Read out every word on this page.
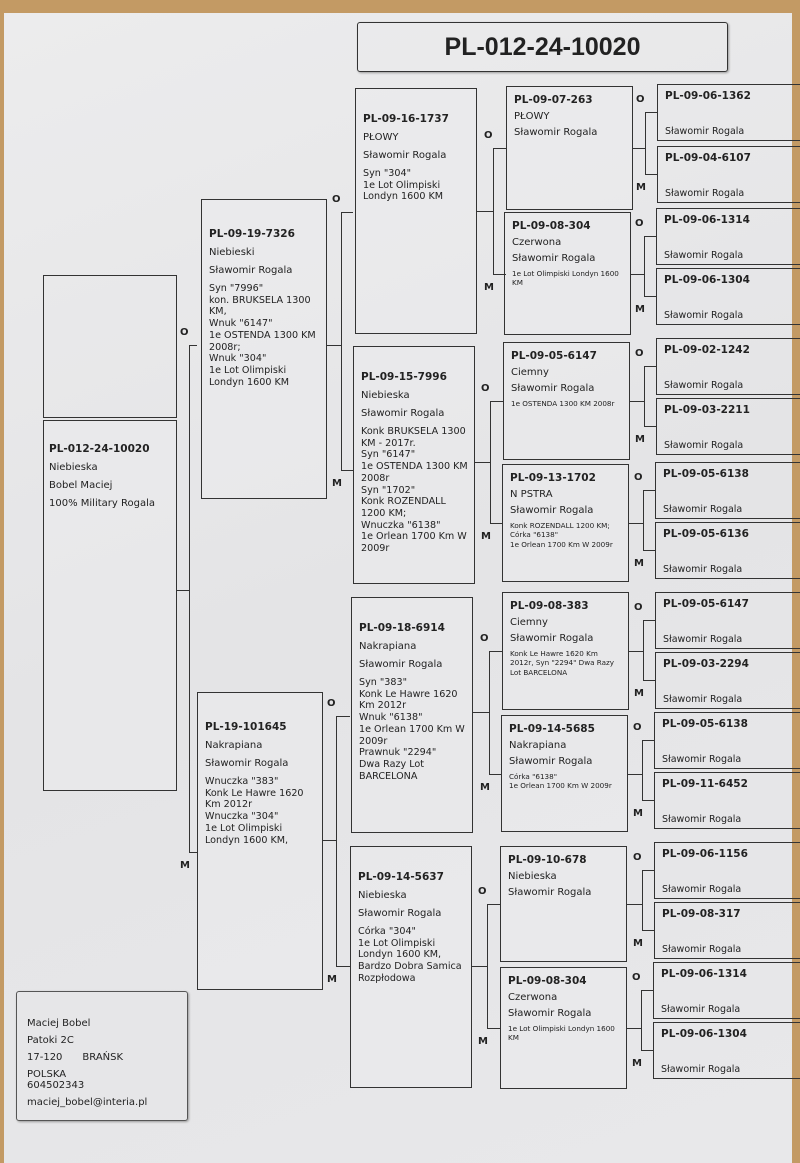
PL-012-24-10020
PL-012-24-10020
Niebieska
Bobel Maciej
100% Military Rogala
PL-09-19-7326
Niebieski
Sławomir Rogala
Syn "7996"
kon. BRUKSELA 1300 KM,
Wnuk "6147"
1e OSTENDA 1300 KM 2008r;
Wnuk "304"
1e Lot Olimpiski Londyn 1600 KM
PL-19-101645
Nakrapiana
Sławomir Rogala
Wnuczka "383"
Konk Le Hawre 1620 Km 2012r
Wnuczka "304"
1e Lot Olimpiski Londyn 1600 KM,
O
M
PL-09-16-1737
PŁOWY
Sławomir Rogala
Syn "304"
1e Lot Olimpiski Londyn 1600 KM
PL-09-15-7996
Niebieska
Sławomir Rogala
Konk BRUKSELA 1300 KM - 2017r.
Syn "6147"
1e OSTENDA 1300 KM 2008r
Syn "1702"
Konk ROZENDALL 1200 KM;
Wnuczka "6138"
1e Orlean 1700 Km W 2009r
PL-09-18-6914
Nakrapiana
Sławomir Rogala
Syn "383"
Konk Le Hawre 1620 Km 2012r
Wnuk "6138"
1e Orlean 1700 Km W 2009r
Prawnuk "2294"
Dwa Razy Lot BARCELONA
PL-09-14-5637
Niebieska
Sławomir Rogala
Córka "304"
1e Lot Olimpiski Londyn 1600 KM, Bardzo Dobra Samica Rozpłodowa
O
M
O
M
PL-09-07-263
PŁOWY
Sławomir Rogala
PL-09-08-304
Czerwona
Sławomir Rogala
1e Lot Olimpiski Londyn 1600 KM
PL-09-05-6147
Ciemny
Sławomir Rogala
1e OSTENDA 1300 KM 2008r
PL-09-13-1702
N PSTRA
Sławomir Rogala
Konk ROZENDALL 1200 KM;
Córka "6138"
1e Orlean 1700 Km W 2009r
PL-09-08-383
Ciemny
Sławomir Rogala
Konk Le Hawre 1620 Km 2012r, Syn "2294" Dwa Razy Lot BARCELONA
PL-09-14-5685
Nakrapiana
Sławomir Rogala
Córka "6138"
1e Orlean 1700 Km W 2009r
PL-09-10-678
Niebieska
Sławomir Rogala
PL-09-08-304
Czerwona
Sławomir Rogala
1e Lot Olimpiski Londyn 1600 KM
O
M
O
M
O
M
O
M
PL-09-06-1362
Sławomir Rogala
PL-09-04-6107
Sławomir Rogala
PL-09-06-1314
Sławomir Rogala
PL-09-06-1304
Sławomir Rogala
PL-09-02-1242
Sławomir Rogala
PL-09-03-2211
Sławomir Rogala
PL-09-05-6138
Sławomir Rogala
PL-09-05-6136
Sławomir Rogala
PL-09-05-6147
Sławomir Rogala
PL-09-03-2294
Sławomir Rogala
PL-09-05-6138
Sławomir Rogala
PL-09-11-6452
Sławomir Rogala
PL-09-06-1156
Sławomir Rogala
PL-09-08-317
Sławomir Rogala
PL-09-06-1314
Sławomir Rogala
PL-09-06-1304
Sławomir Rogala
O
M
O
M
O
M
O
M
O
M
O
M
O
M
O
M
Maciej Bobel
Patoki 2C
17-120 BRAŃSK
POLSKA
604502343
maciej_bobel@interia.pl
